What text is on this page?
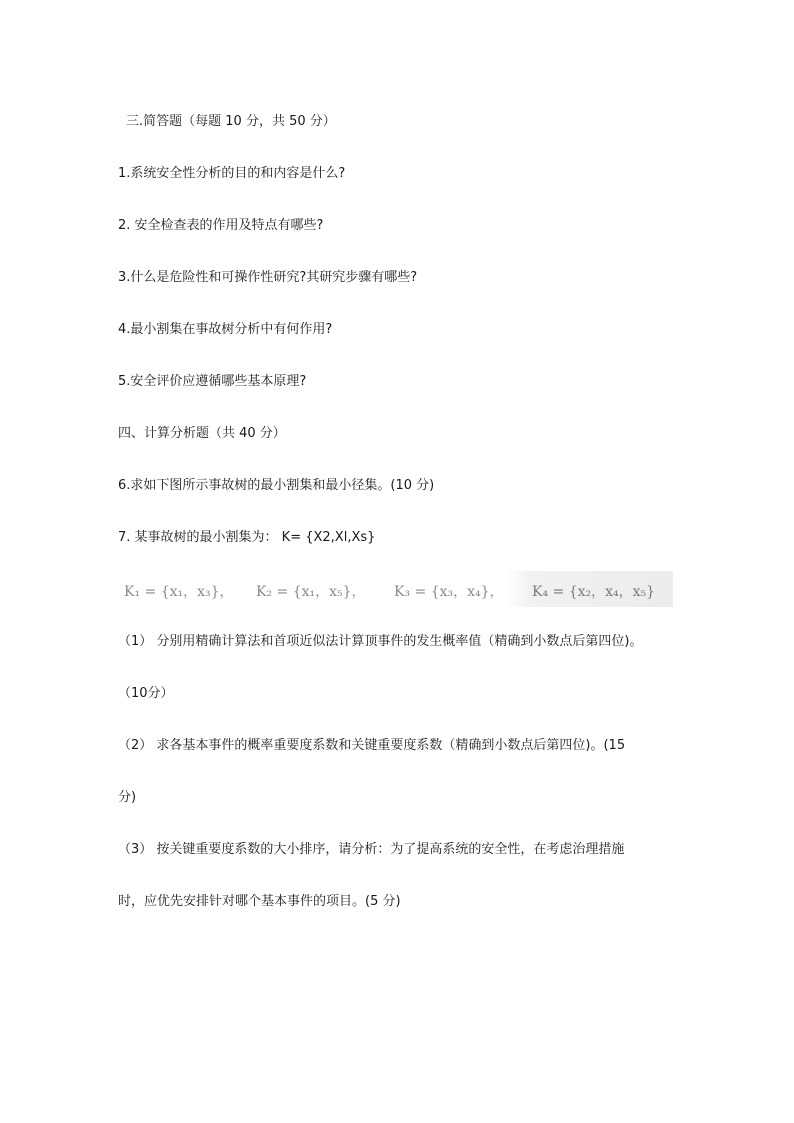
三.简答题（每题 10 分，共 50 分）
1.系统安全性分析的目的和内容是什么?
2. 安全检查表的作用及特点有哪些?
3.什么是危险性和可操作性研究?其研究步骤有哪些?
4.最小割集在事故树分析中有何作用?
5.安全评价应遵循哪些基本原理?
四、计算分析题（共 40 分）
6.求如下图所示事故树的最小割集和最小径集。(10 分)
7. 某事故树的最小割集为： K= {X2,Xl,Xs}
K₁ = {x₁，x₃}， K₂ = {x₁，x₅}， K₃ = {x₃，x₄}， K₄ = {x₂，x₄，x₅}
（1） 分别用精确计算法和首项近似法计算顶事件的发生概率值（精确到小数点后第四位)。
（10分）
（2） 求各基本事件的概率重要度系数和关键重要度系数（精确到小数点后第四位)。(15
分)
（3） 按关键重要度系数的大小排序，请分析：为了提高系统的安全性，在考虑治理措施
时，应优先安排针对哪个基本事件的项目。(5 分)
